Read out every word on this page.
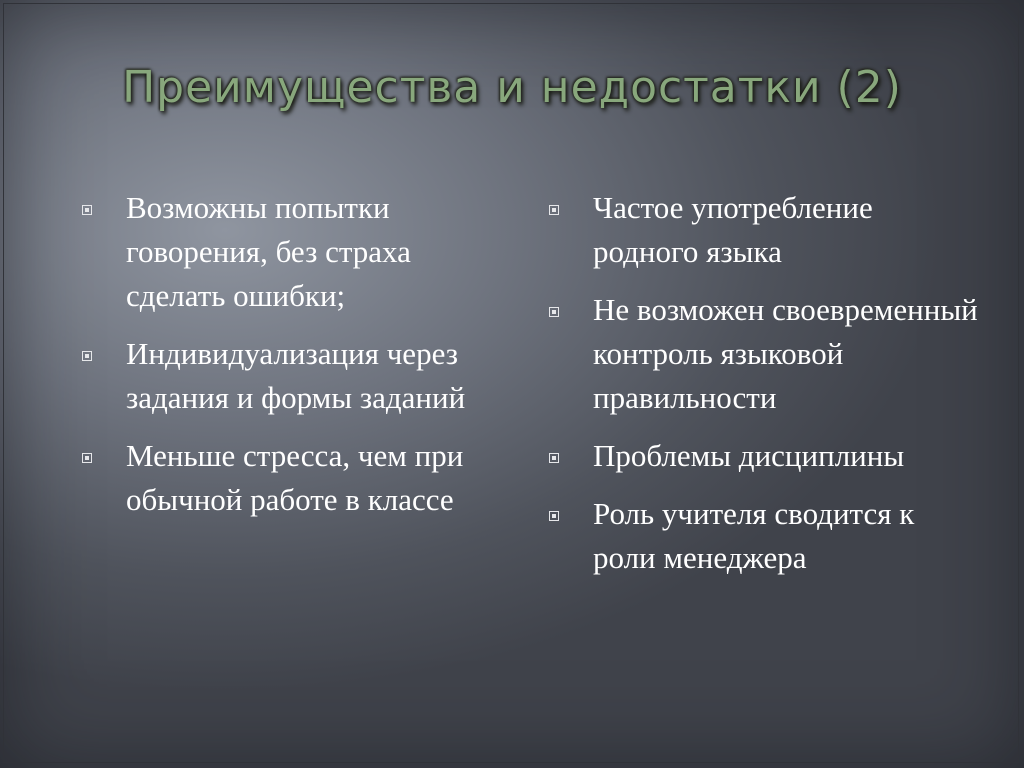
Преимущества и недостатки (2)
Возможны попытки говорения, без страха сделать ошибки;
Индивидуализация через задания и формы заданий
Меньше стресса, чем при обычной работе в классе
Частое употребление родного языка
Не возможен своевременный контроль языковой правильности
Проблемы дисциплины
Роль учителя сводится к роли менеджера
